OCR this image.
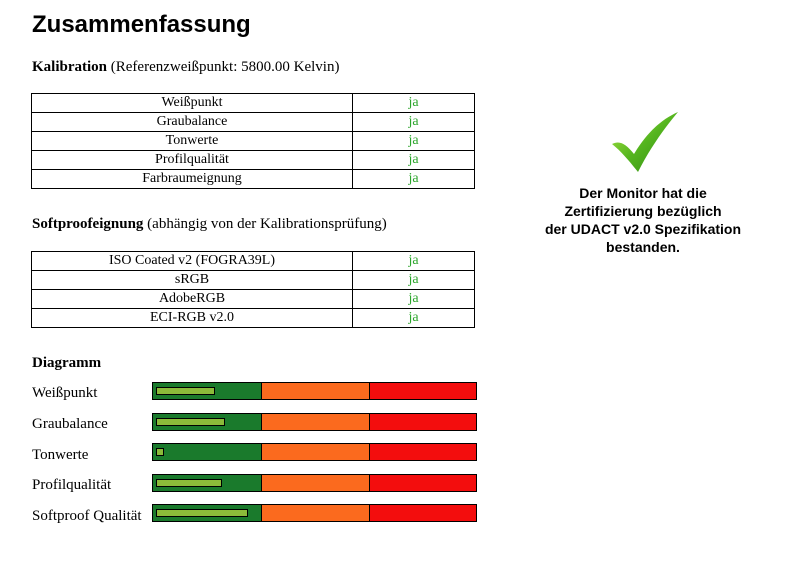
Zusammenfassung
Kalibration (Referenzweißpunkt: 5800.00 Kelvin)
Weißpunkt	ja
Graubalance	ja
Tonwerte	ja
Profilqualität	ja
Farbraumeignung	ja
Softproofeignung (abhängig von der Kalibrationsprüfung)
ISO Coated v2 (FOGRA39L)	ja
sRGB	ja
AdobeRGB	ja
ECI-RGB v2.0	ja
Der Monitor hat die
Zertifizierung bezüglich
der UDACT v2.0 Spezifikation
bestanden.
Diagramm
Weißpunkt
Graubalance
Tonwerte
Profilqualität
Softproof Qualität
